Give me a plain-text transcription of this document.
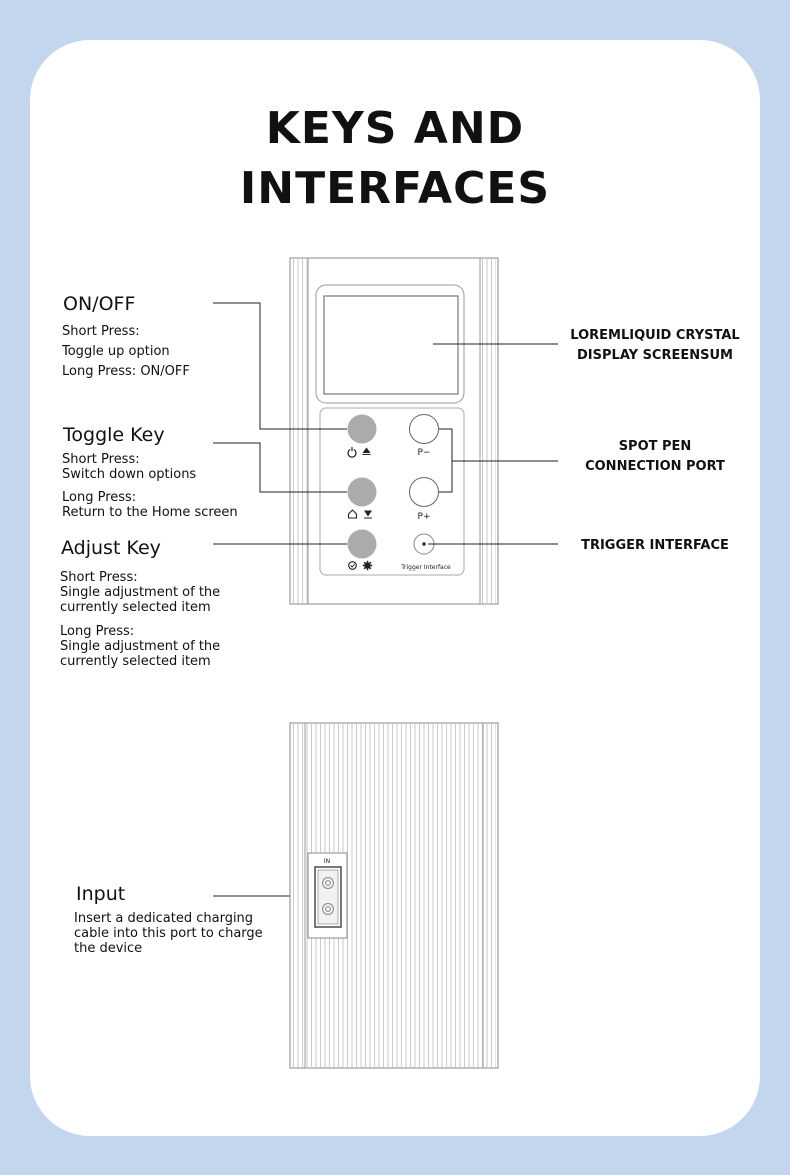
KEYS AND
INTERFACES
P−
P+
Trigger Interface
IN
ON/OFF
Short Press:
Toggle up option
Long Press: ON/OFF
Toggle Key
Short Press:
Switch down options
Long Press:
Return to the Home screen
Adjust Key
Short Press:
Single adjustment of the
currently selected item
Long Press:
Single adjustment of the
currently selected item
Input
Insert a dedicated charging
cable into this port to charge
the device
LOREMLIQUID CRYSTAL
DISPLAY SCREENSUM
SPOT PEN
CONNECTION PORT
TRIGGER INTERFACE
